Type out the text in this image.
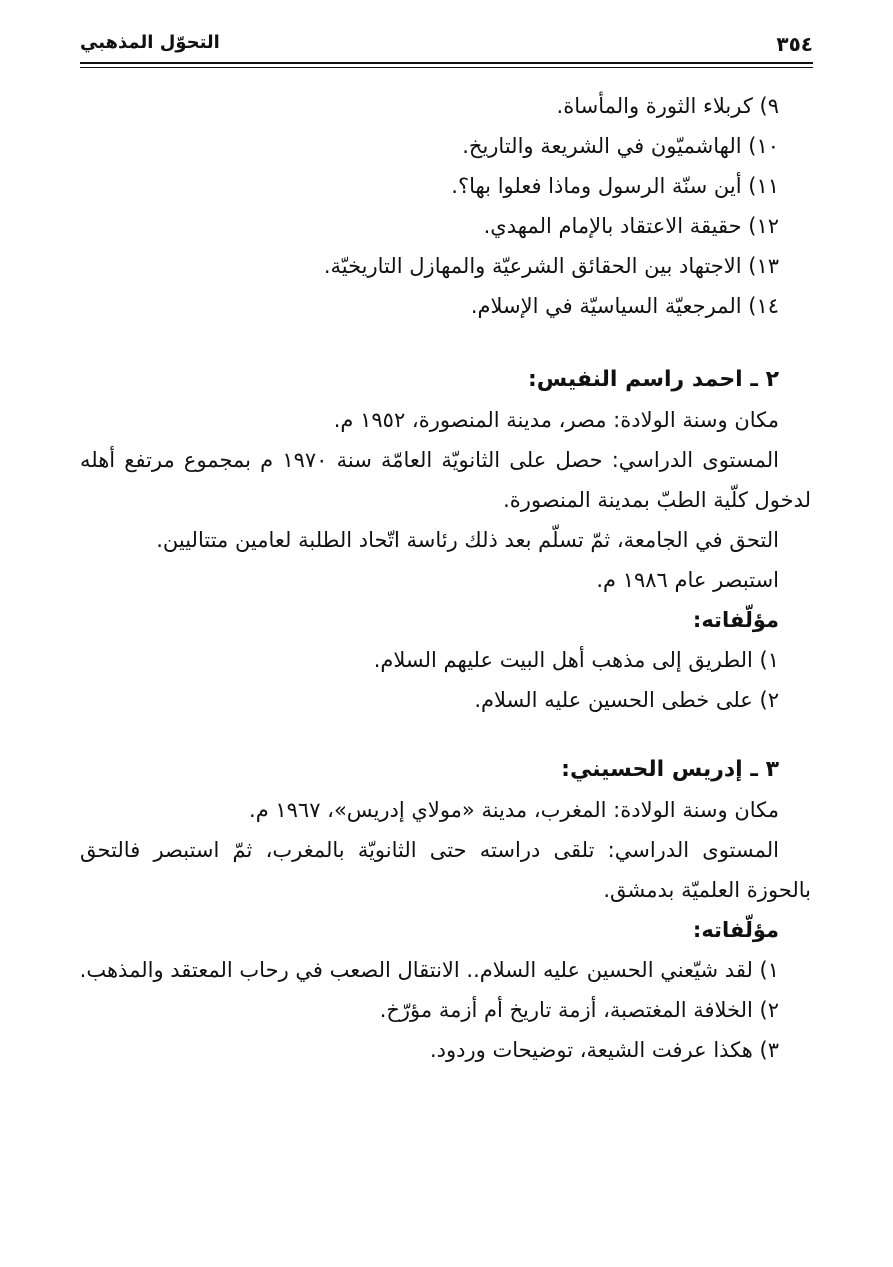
٣٥٤
التحوّل المذهبي
٩) كربلاء الثورة والمأساة.
١٠) الهاشميّون في الشريعة والتاريخ.
١١) أين سنّة الرسول وماذا فعلوا بها؟.
١٢) حقيقة الاعتقاد بالإمام المهدي.
١٣) الاجتهاد بين الحقائق الشرعيّة والمهازل التاريخيّة.
١٤) المرجعيّة السياسيّة في الإسلام.
٢ ـ احمد راسم النفيس:
مكان وسنة الولادة: مصر، مدينة المنصورة، ١٩٥٢ م.
المستوى الدراسي: حصل على الثانويّة العامّة سنة ١٩٧٠ م بمجموع مرتفع أهله
لدخول كلّية الطبّ بمدينة المنصورة.
التحق في الجامعة، ثمّ تسلّم بعد ذلك رئاسة اتّحاد الطلبة لعامين متتاليين.
استبصر عام ١٩٨٦ م.
مؤلّفاته:
١) الطريق إلى مذهب أهل البيت عليهم السلام.
٢) على خطى الحسين عليه السلام.
٣ ـ إدريس الحسيني:
مكان وسنة الولادة: المغرب، مدينة «مولاي إدريس»، ١٩٦٧ م.
المستوى الدراسي: تلقى دراسته حتى الثانويّة بالمغرب، ثمّ استبصر فالتحق
بالحوزة العلميّة بدمشق.
مؤلّفاته:
١) لقد شيّعني الحسين عليه السلام.. الانتقال الصعب في رحاب المعتقد والمذهب.
٢) الخلافة المغتصبة، أزمة تاريخ أم أزمة مؤرّخ.
٣) هكذا عرفت الشيعة، توضيحات وردود.
